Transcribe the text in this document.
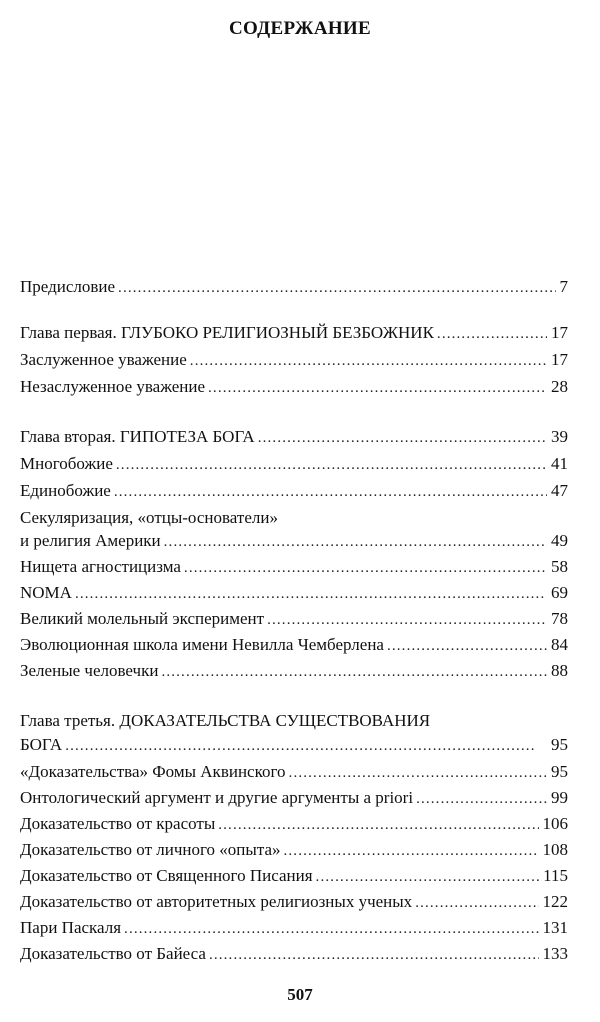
СОДЕРЖАНИЕ
Предисловие . . .	7
Глава первая. ГЛУБОКО РЕЛИГИОЗНЫЙ БЕЗБОЖНИК . . .	17
Заслуженное уважение . . .	17
Незаслуженное уважение . . .	28
Глава вторая. ГИПОТЕЗА БОГА . . .	39
Многобожие . . .	41
Единобожие . . .	47
Секуляризация, «отцы-основатели»
и религия Америки . . .	49
Нищета агностицизма . . .	58
NOMA . . .	69
Великий молельный эксперимент . . .	78
Эволюционная школа имени Невилла Чемберлена . . .	84
Зеленые человечки . . .	88
Глава третья. ДОКАЗАТЕЛЬСТВА СУЩЕСТВОВАНИЯ
БОГА . . .	95
«Доказательства» Фомы Аквинского . . .	95
Онтологический аргумент и другие аргументы a priori . . .	99
Доказательство от красоты . . .	106
Доказательство от личного «опыта» . . .	108
Доказательство от Священного Писания . . .	115
Доказательство от авторитетных религиозных ученых . . .	122
Пари Паскаля . . .	131
Доказательство от Байеса . . .	133
507
